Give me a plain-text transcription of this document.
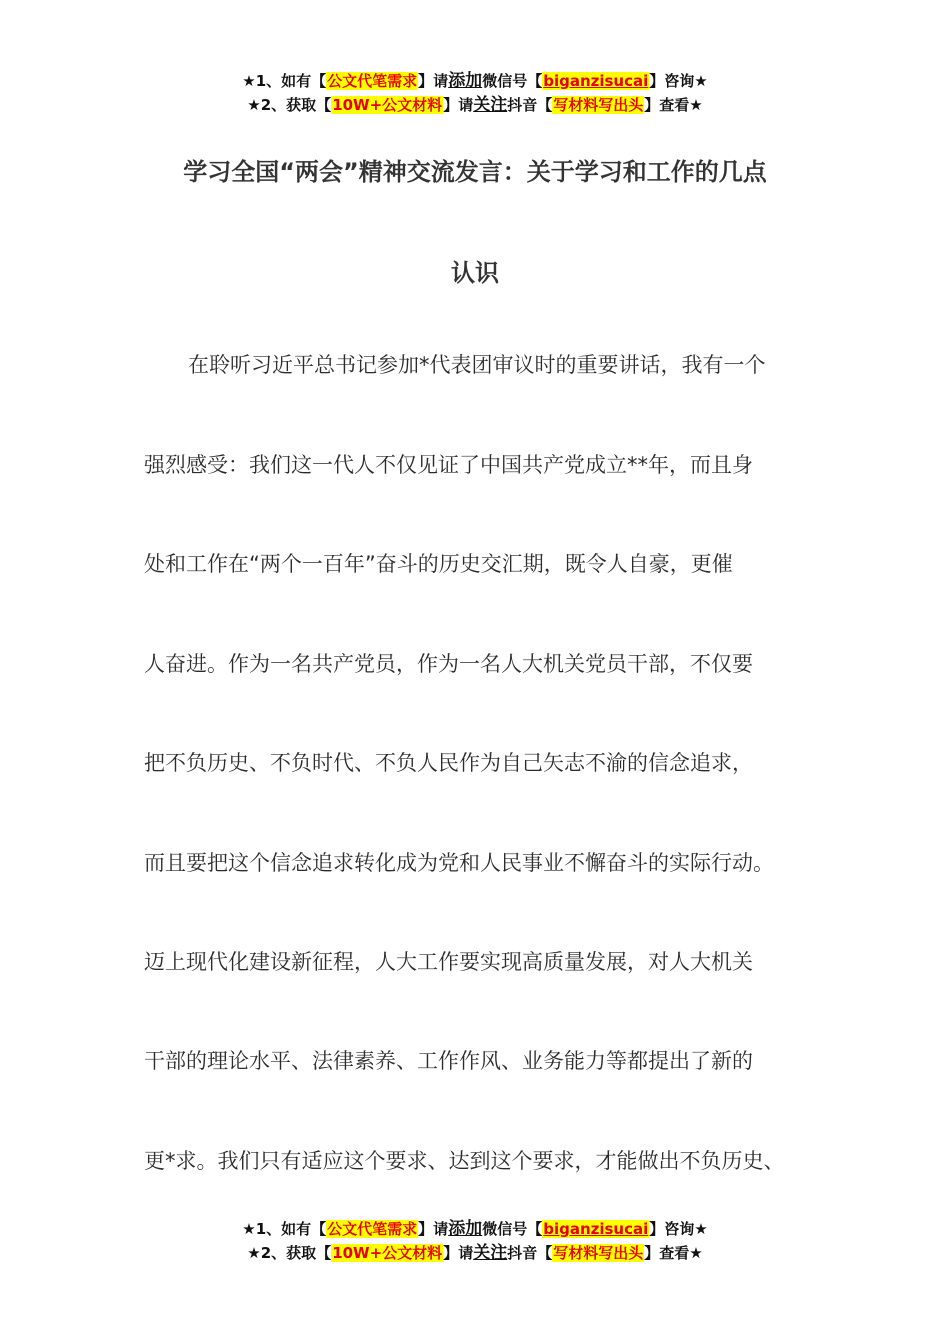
★1、如有【公文代笔需求】请添加微信号【biganzisucai】咨询★
★2、获取【10W+公文材料】请关注抖音【写材料写出头】查看★
学习全国“两会”精神交流发言：关于学习和工作的几点
认识
在聆听习近平总书记参加*代表团审议时的重要讲话，我有一个
强烈感受：我们这一代人不仅见证了中国共产党成立**年，而且身
处和工作在“两个一百年”奋斗的历史交汇期，既令人自豪，更催
人奋进。作为一名共产党员，作为一名人大机关党员干部，不仅要
把不负历史、不负时代、不负人民作为自己矢志不渝的信念追求，
而且要把这个信念追求转化成为党和人民事业不懈奋斗的实际行动。
迈上现代化建设新征程，人大工作要实现高质量发展，对人大机关
干部的理论水平、法律素养、工作作风、业务能力等都提出了新的
更*求。我们只有适应这个要求、达到这个要求，才能做出不负历史、
★1、如有【公文代笔需求】请添加微信号【biganzisucai】咨询★
★2、获取【10W+公文材料】请关注抖音【写材料写出头】查看★
